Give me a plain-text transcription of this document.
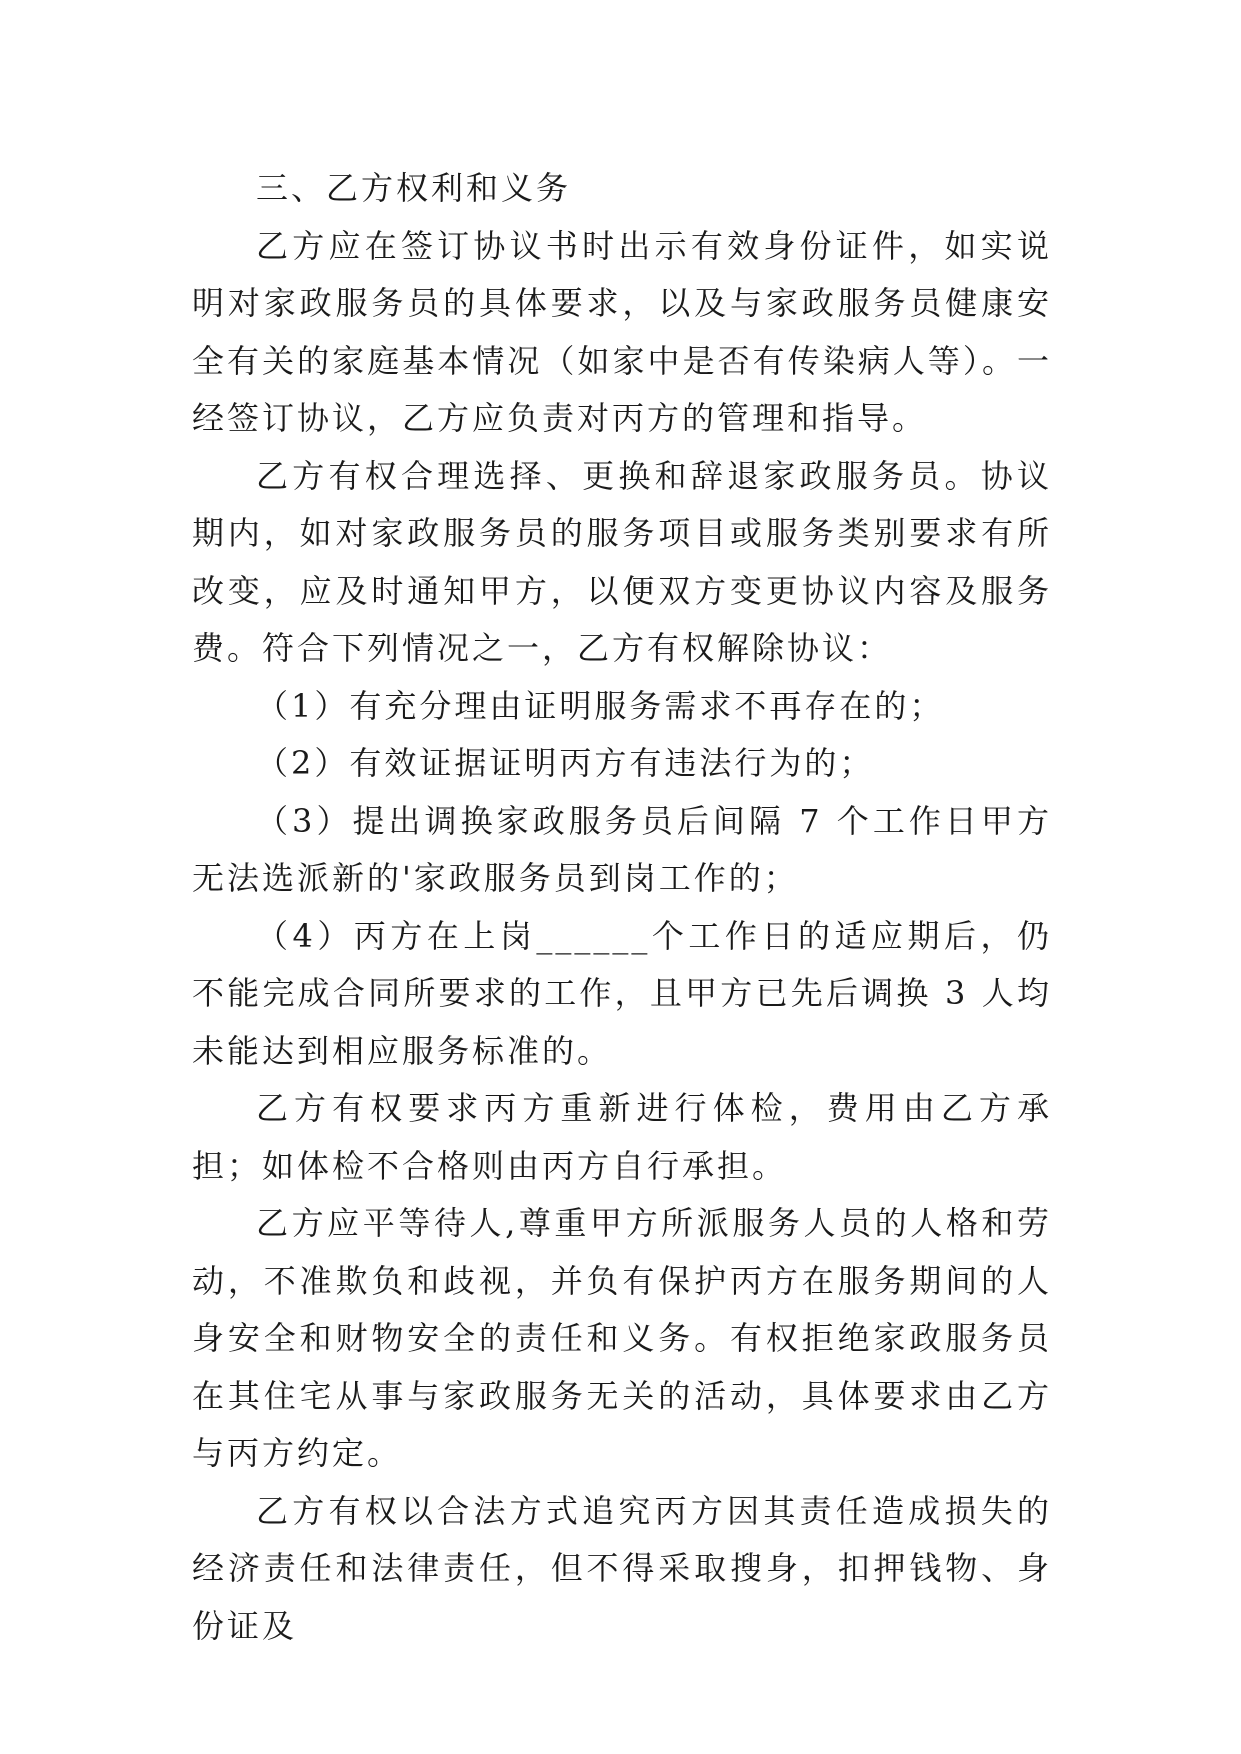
三、乙方权利和义务

乙方应在签订协议书时出示有效身份证件，如实说明对家政服务员的具体要求，以及与家政服务员健康安全有关的家庭基本情况（如家中是否有传染病人等）。一经签订协议，乙方应负责对丙方的管理和指导。

乙方有权合理选择、更换和辞退家政服务员。协议期内，如对家政服务员的服务项目或服务类别要求有所改变，应及时通知甲方，以便双方变更协议内容及服务费。符合下列情况之一，乙方有权解除协议：

（1）有充分理由证明服务需求不再存在的；

（2）有效证据证明丙方有违法行为的；

（3）提出调换家政服务员后间隔 7 个工作日甲方无法选派新的'家政服务员到岗工作的；

（4）丙方在上岗______个工作日的适应期后，仍不能完成合同所要求的工作，且甲方已先后调换 3 人均未能达到相应服务标准的。

乙方有权要求丙方重新进行体检，费用由乙方承担；如体检不合格则由丙方自行承担。

乙方应平等待人,尊重甲方所派服务人员的人格和劳动，不准欺负和歧视，并负有保护丙方在服务期间的人身安全和财物安全的责任和义务。有权拒绝家政服务员在其住宅从事与家政服务无关的活动，具体要求由乙方与丙方约定。

乙方有权以合法方式追究丙方因其责任造成损失的经济责任和法律责任，但不得采取搜身，扣押钱物、身份证及
